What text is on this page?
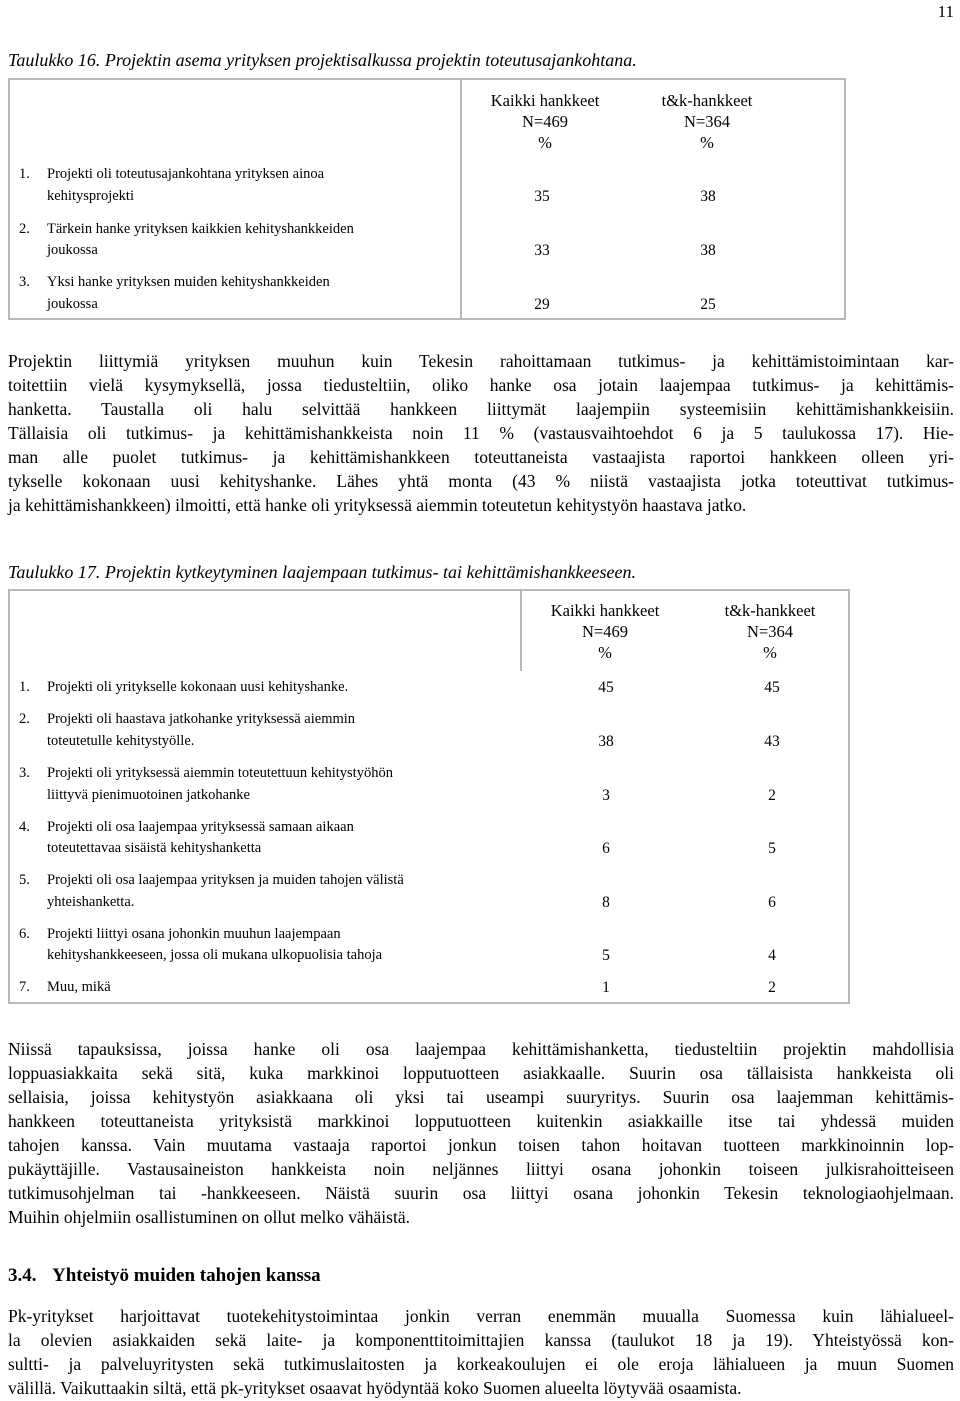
11
Taulukko 16. Projektin asema yrityksen projektisalkussa projektin toteutusajankohtana.
Kaikki hankkeet
N=469
%
t&k-hankkeet
N=364
%
1. Projekti oli toteutusajankohtana yrityksen ainoa
kehitysprojekti	35	38
2. Tärkein hanke yrityksen kaikkien kehityshankkeiden
joukossa	33	38
3. Yksi hanke yrityksen muiden kehityshankkeiden
joukossa	29	25
Projektin liittymiä yrityksen muuhun kuin Tekesin rahoittamaan tutkimus- ja kehittämistoimintaan kar-
toitettiin vielä kysymyksellä, jossa tiedusteltiin, oliko hanke osa jotain laajempaa tutkimus- ja kehittämis-
hanketta. Taustalla oli halu selvittää hankkeen liittymät laajempiin systeemisiin kehittämishankkeisiin.
Tällaisia oli tutkimus- ja kehittämishankkeista noin 11 % (vastausvaihtoehdot 6 ja 5 taulukossa 17). Hie-
man alle puolet tutkimus- ja kehittämishankkeen toteuttaneista vastaajista raportoi hankkeen olleen yri-
tykselle kokonaan uusi kehityshanke. Lähes yhtä monta (43 % niistä vastaajista jotka toteuttivat tutkimus-
ja kehittämishankkeen) ilmoitti, että hanke oli yrityksessä aiemmin toteutetun kehitystyön haastava jatko.
Taulukko 17. Projektin kytkeytyminen laajempaan tutkimus- tai kehittämishankkeeseen.
Kaikki hankkeet
N=469
%
t&k-hankkeet
N=364
%
1. Projekti oli yritykselle kokonaan uusi kehityshanke.	45	45
2. Projekti oli haastava jatkohanke yrityksessä aiemmin
toteutetulle kehitystyölle.	38	43
3. Projekti oli yrityksessä aiemmin toteutettuun kehitystyöhön
liittyvä pienimuotoinen jatkohanke	3	2
4. Projekti oli osa laajempaa yrityksessä samaan aikaan
toteutettavaa sisäistä kehityshanketta	6	5
5. Projekti oli osa laajempaa yrityksen ja muiden tahojen välistä
yhteishanketta.	8	6
6. Projekti liittyi osana johonkin muuhun laajempaan
kehityshankkeeseen, jossa oli mukana ulkopuolisia tahoja	5	4
7. Muu, mikä	1	2
Niissä tapauksissa, joissa hanke oli osa laajempaa kehittämishanketta, tiedusteltiin projektin mahdollisia
loppuasiakkaita sekä sitä, kuka markkinoi lopputuotteen asiakkaalle. Suurin osa tällaisista hankkeista oli
sellaisia, joissa kehitystyön asiakkaana oli yksi tai useampi suuryritys. Suurin osa laajemman kehittämis-
hankkeen toteuttaneista yrityksistä markkinoi lopputuotteen kuitenkin asiakkaille itse tai yhdessä muiden
tahojen kanssa. Vain muutama vastaaja raportoi jonkun toisen tahon hoitavan tuotteen markkinoinnin lop-
pukäyttäjille. Vastausaineiston hankkeista noin neljännes liittyi osana johonkin toiseen julkisrahoitteiseen
tutkimusohjelman tai -hankkeeseen. Näistä suurin osa liittyi osana johonkin Tekesin teknologiaohjelmaan.
Muihin ohjelmiin osallistuminen on ollut melko vähäistä.
3.4. Yhteistyö muiden tahojen kanssa
Pk-yritykset harjoittavat tuotekehitystoimintaa jonkin verran enemmän muualla Suomessa kuin lähialueel-
la olevien asiakkaiden sekä laite- ja komponenttitoimittajien kanssa (taulukot 18 ja 19). Yhteistyössä kon-
sultti- ja palveluyritysten sekä tutkimuslaitosten ja korkeakoulujen ei ole eroja lähialueen ja muun Suomen
välillä. Vaikuttaakin siltä, että pk-yritykset osaavat hyödyntää koko Suomen alueelta löytyvää osaamista.
